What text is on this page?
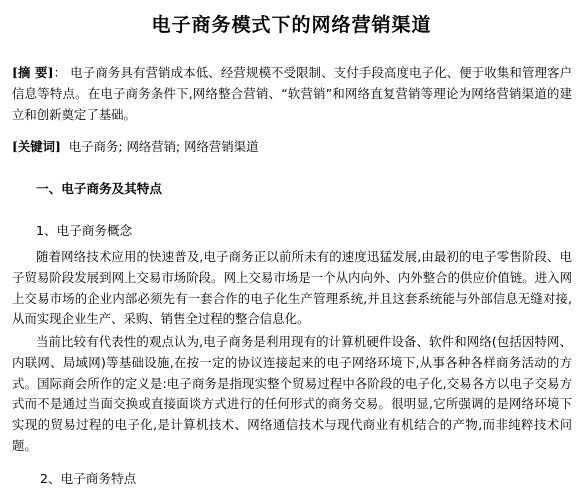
电子商务模式下的网络营销渠道

[摘 要]： 电子商务具有营销成本低、经营规模不受限制、支付手段高度电子化、便于收集和管理客户信息等特点。在电子商务条件下,网络整合营销、“软营销”和网络直复营销等理论为网络营销渠道的建立和创新奠定了基础。

[关键词] 电子商务; 网络营销; 网络营销渠道
一、电子商务及其特点
1、电子商务概念

随着网络技术应用的快速普及,电子商务正以前所未有的速度迅猛发展,由最初的电子零售阶段、电子贸易阶段发展到网上交易市场阶段。网上交易市场是一个从内向外、内外整合的供应价值链。进入网上交易市场的企业内部必须先有一套合作的电子化生产管理系统,并且这套系统能与外部信息无缝对接,从而实现企业生产、采购、销售全过程的整合信息化。

当前比较有代表性的观点认为,电子商务是利用现有的计算机硬件设备、软件和网络(包括因特网、内联网、局域网)等基础设施,在按一定的协议连接起来的电子网络环境下,从事各种各样商务活动的方式。国际商会所作的定义是:电子商务是指现实整个贸易过程中各阶段的电子化,交易各方以电子交易方式而不是通过当面交换或直接面谈方式进行的任何形式的商务交易。很明显,它所强调的是网络环境下实现的贸易过程的电子化,是计算机技术、网络通信技术与现代商业有机结合的产物,而非纯粹技术问题。

2、电子商务特点
